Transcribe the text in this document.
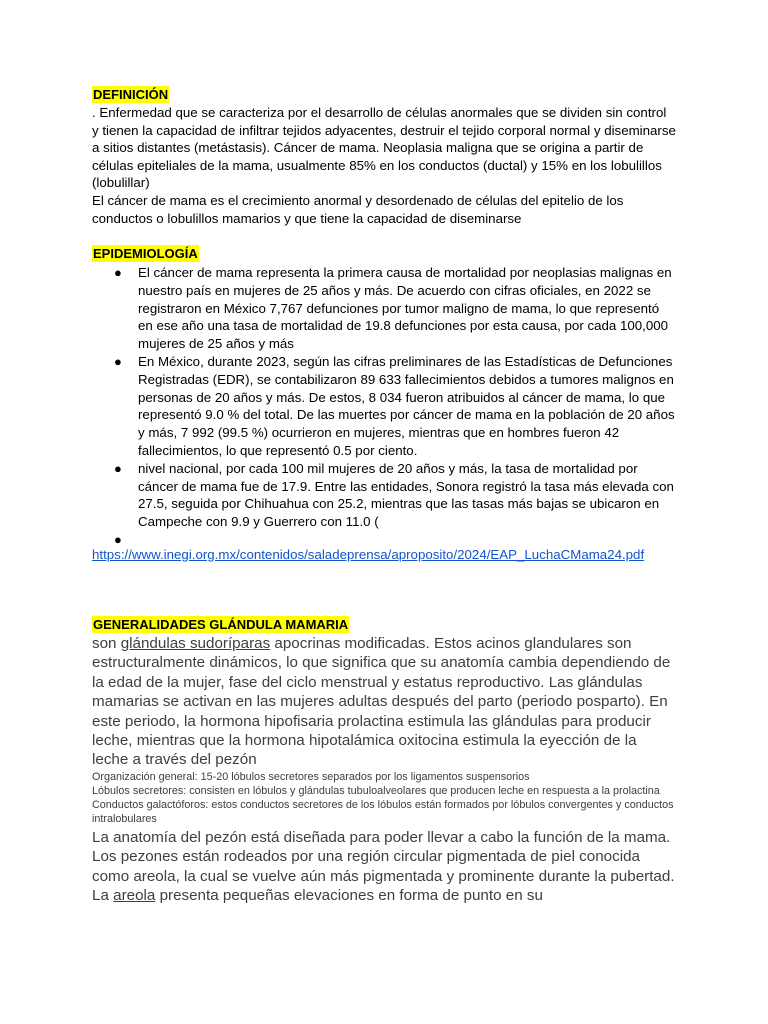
DEFINICIÓN

. Enfermedad que se caracteriza por el desarrollo de células anormales que se dividen sin control y tienen la capacidad de infiltrar tejidos adyacentes, destruir el tejido corporal normal y diseminarse a sitios distantes (metástasis). Cáncer de mama. Neoplasia maligna que se origina a partir de células epiteliales de la mama, usualmente 85% en los conductos (ductal) y 15% en los lobulillos (lobulillar)

El cáncer de mama es el crecimiento anormal y desordenado de células del epitelio de los conductos o lobulillos mamarios y que tiene la capacidad de diseminarse

EPIDEMIOLOGÍA
● El cáncer de mama representa la primera causa de mortalidad por neoplasias malignas en nuestro país en mujeres de 25 años y más. De acuerdo con cifras oficiales, en 2022 se registraron en México 7,767 defunciones por tumor maligno de mama, lo que representó en ese año una tasa de mortalidad de 19.8 defunciones por esta causa, por cada 100,000 mujeres de 25 años y más
● En México, durante 2023, según las cifras preliminares de las Estadísticas de Defunciones Registradas (EDR), se contabilizaron 89 633 fallecimientos debidos a tumores malignos en personas de 20 años y más. De estos, 8 034 fueron atribuidos al cáncer de mama, lo que representó 9.0 % del total. De las muertes por cáncer de mama en la población de 20 años y más, 7 992 (99.5 %) ocurrieron en mujeres, mientras que en hombres fueron 42 fallecimientos, lo que representó 0.5 por ciento.
● nivel nacional, por cada 100 mil mujeres de 20 años y más, la tasa de mortalidad por cáncer de mama fue de 17.9. Entre las entidades, Sonora registró la tasa más elevada con 27.5, seguida por Chihuahua con 25.2, mientras que las tasas más bajas se ubicaron en Campeche con 9.9 y Guerrero con 11.0 (
●
https://www.inegi.org.mx/contenidos/saladeprensa/aproposito/2024/EAP_LuchaCMama24.pdf
GENERALIDADES GLÁNDULA MAMARIA

son glándulas sudoríparas apocrinas modificadas. Estos acinos glandulares son estructuralmente dinámicos, lo que significa que su anatomía cambia dependiendo de la edad de la mujer, fase del ciclo menstrual y estatus reproductivo. Las glándulas mamarias se activan en las mujeres adultas después del parto (periodo posparto). En este periodo, la hormona hipofisaria prolactina estimula las glándulas para producir leche, mientras que la hormona hipotalámica oxitocina estimula la eyección de la leche a través del pezón

Organización general: 15-20 lóbulos secretores separados por los ligamentos suspensorios

Lóbulos secretores: consisten en lóbulos y glándulas tubuloalveolares que producen leche en respuesta a la prolactina

Conductos galactóforos: estos conductos secretores de los lóbulos están formados por lóbulos convergentes y conductos intralobulares

La anatomía del pezón está diseñada para poder llevar a cabo la función de la mama. Los pezones están rodeados por una región circular pigmentada de piel conocida como areola, la cual se vuelve aún más pigmentada y prominente durante la pubertad. La areola presenta pequeñas elevaciones en forma de punto en su
